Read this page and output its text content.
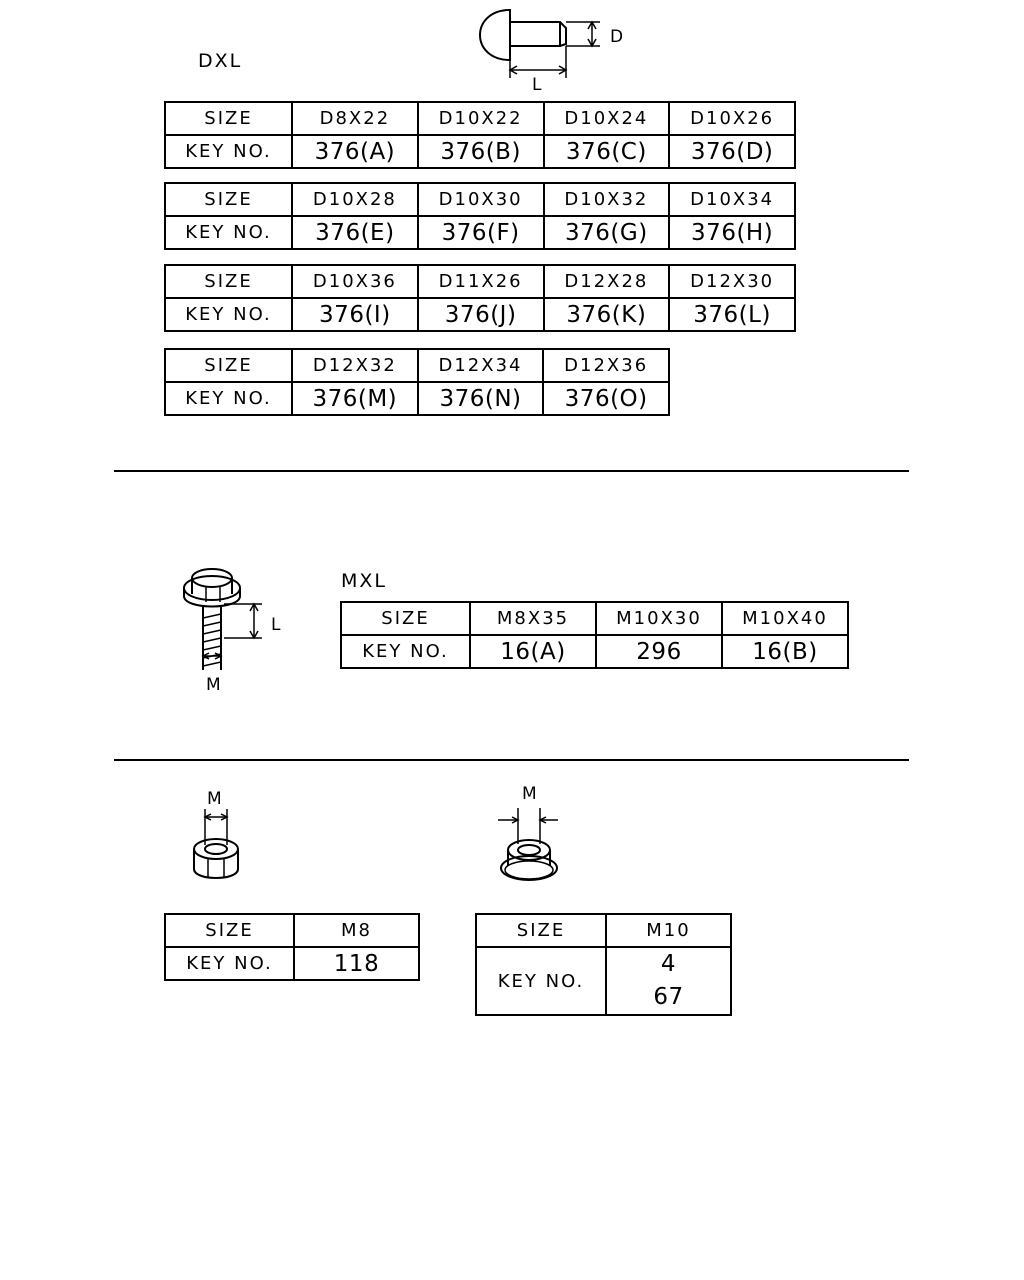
DXL
D
L
SIZE	D8X22	D10X22	D10X24	D10X26
KEY NO.	376(A)	376(B)	376(C)	376(D)
SIZE	D10X28	D10X30	D10X32	D10X34
KEY NO.	376(E)	376(F)	376(G)	376(H)
SIZE	D10X36	D11X26	D12X28	D12X30
KEY NO.	376(I)	376(J)	376(K)	376(L)
SIZE	D12X32	D12X34	D12X36
KEY NO.	376(M)	376(N)	376(O)
L
M
MXL
SIZE	M8X35	M10X30	M10X40
KEY NO.	16(A)	296	16(B)
M	M
SIZE	M8
KEY NO.	118
SIZE	M10
KEY NO.	4
67
